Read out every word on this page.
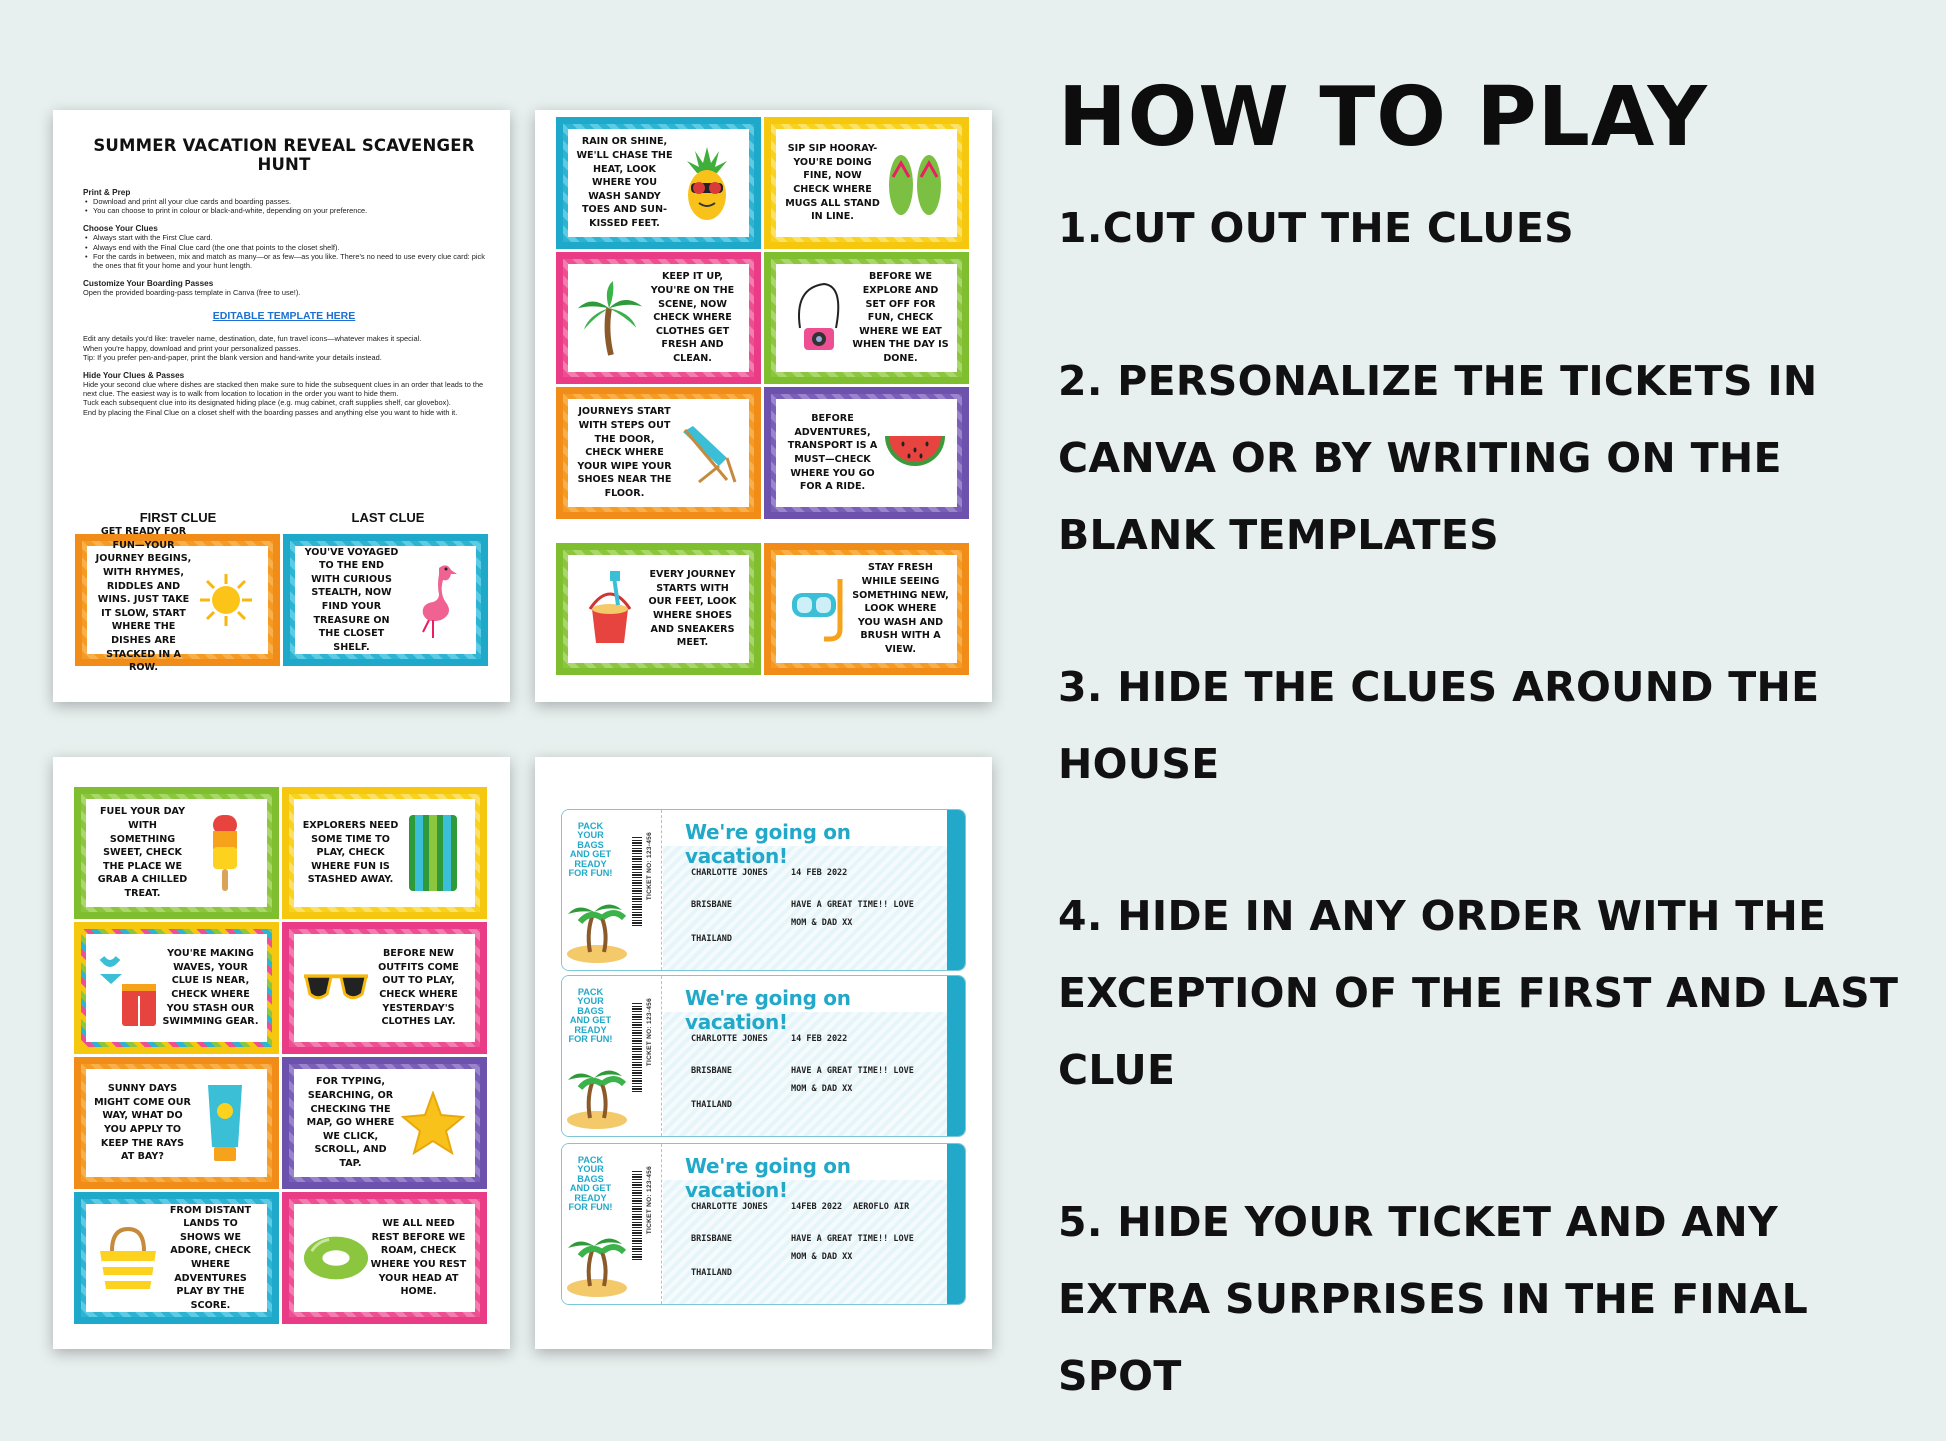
SUMMER VACATION REVEAL SCAVENGER HUNT
Print & Prep
• Download and print all your clue cards and boarding passes.
• You can choose to print in colour or black-and-white, depending on your preference.
Choose Your Clues
• Always start with the First Clue card.
• Always end with the Final Clue card (the one that points to the closet shelf).
• For the cards in between, mix and match as many—or as few—as you like. There's no need to use every clue card: pick the ones that fit your home and your hunt length.
Customize Your Boarding Passes

Open the provided boarding-pass template in Canva (free to use!).

EDITABLE TEMPLATE HERE

Edit any details you'd like: traveler name, destination, date, fun travel icons—whatever makes it special.

When you're happy, download and print your personalized passes.

Tip: If you prefer pen-and-paper, print the blank version and hand-write your details instead.

Hide Your Clues & Passes

Hide your second clue where dishes are stacked then make sure to hide the subsequent clues in an order that leads to the next clue. The easiest way is to walk from location to location in the order you want to hide them.

Tuck each subsequent clue into its designated hiding place (e.g. mug cabinet, craft supplies shelf, car glovebox).

End by placing the Final Clue on a closet shelf with the boarding passes and anything else you want to hide with it.

FIRST CLUE	LAST CLUE
GET READY FOR FUN—YOUR JOURNEY BEGINS, WITH RHYMES, RIDDLES AND WINS. JUST TAKE IT SLOW, START WHERE THE DISHES ARE STACKED IN A ROW.
YOU'VE VOYAGED TO THE END WITH CURIOUS STEALTH, NOW FIND YOUR TREASURE ON THE CLOSET SHELF.
RAIN OR SHINE, WE'LL CHASE THE HEAT, LOOK WHERE YOU WASH SANDY TOES AND SUN-KISSED FEET.
SIP SIP HOORAY-YOU'RE DOING FINE, NOW CHECK WHERE MUGS ALL STAND IN LINE.
KEEP IT UP, YOU'RE ON THE SCENE, NOW CHECK WHERE CLOTHES GET FRESH AND CLEAN.
BEFORE WE EXPLORE AND SET OFF FOR FUN, CHECK WHERE WE EAT WHEN THE DAY IS DONE.
JOURNEYS START WITH STEPS OUT THE DOOR, CHECK WHERE YOUR WIPE YOUR SHOES NEAR THE FLOOR.
BEFORE ADVENTURES, TRANSPORT IS A MUST—CHECK WHERE YOU GO FOR A RIDE.
EVERY JOURNEY STARTS WITH OUR FEET, LOOK WHERE SHOES AND SNEAKERS MEET.
STAY FRESH WHILE SEEING SOMETHING NEW, LOOK WHERE YOU WASH AND BRUSH WITH A VIEW.
FUEL YOUR DAY WITH SOMETHING SWEET, CHECK THE PLACE WE GRAB A CHILLED TREAT.
EXPLORERS NEED SOME TIME TO PLAY, CHECK WHERE FUN IS STASHED AWAY.
YOU'RE MAKING WAVES, YOUR CLUE IS NEAR, CHECK WHERE YOU STASH OUR SWIMMING GEAR.
BEFORE NEW OUTFITS COME OUT TO PLAY, CHECK WHERE YESTERDAY'S CLOTHES LAY.
SUNNY DAYS MIGHT COME OUR WAY, WHAT DO YOU APPLY TO KEEP THE RAYS AT BAY?
FOR TYPING, SEARCHING, OR CHECKING THE MAP, GO WHERE WE CLICK, SCROLL, AND TAP.
FROM DISTANT LANDS TO SHOWS WE ADORE, CHECK WHERE ADVENTURES PLAY BY THE SCORE.
WE ALL NEED REST BEFORE WE ROAM, CHECK WHERE YOU REST YOUR HEAD AT HOME.
PACK YOUR BAGS AND GET READY FOR FUN!	TICKET NO: 123-456	We're going on vacation!
CHARLOTTE JONES	14 FEB 2022
BRISBANE	HAVE A GREAT TIME!! LOVE
MOM & DAD XX
THAILAND
PACK YOUR BAGS AND GET READY FOR FUN!	TICKET NO: 123-456	We're going on vacation!
CHARLOTTE JONES	14 FEB 2022
BRISBANE	HAVE A GREAT TIME!! LOVE
MOM & DAD XX
THAILAND
PACK YOUR BAGS AND GET READY FOR FUN!	TICKET NO: 123-456	We're going on vacation!
CHARLOTTE JONES	14FEB 2022 AEROFLO AIR
BRISBANE	HAVE A GREAT TIME!! LOVE
MOM & DAD XX
THAILAND
HOW TO PLAY
1.CUT OUT THE CLUES
2. PERSONALIZE THE TICKETS IN CANVA OR BY WRITING ON THE BLANK TEMPLATES
3. HIDE THE CLUES AROUND THE HOUSE
4. HIDE IN ANY ORDER WITH THE EXCEPTION OF THE FIRST AND LAST CLUE
5. HIDE YOUR TICKET AND ANY EXTRA SURPRISES IN THE FINAL SPOT
